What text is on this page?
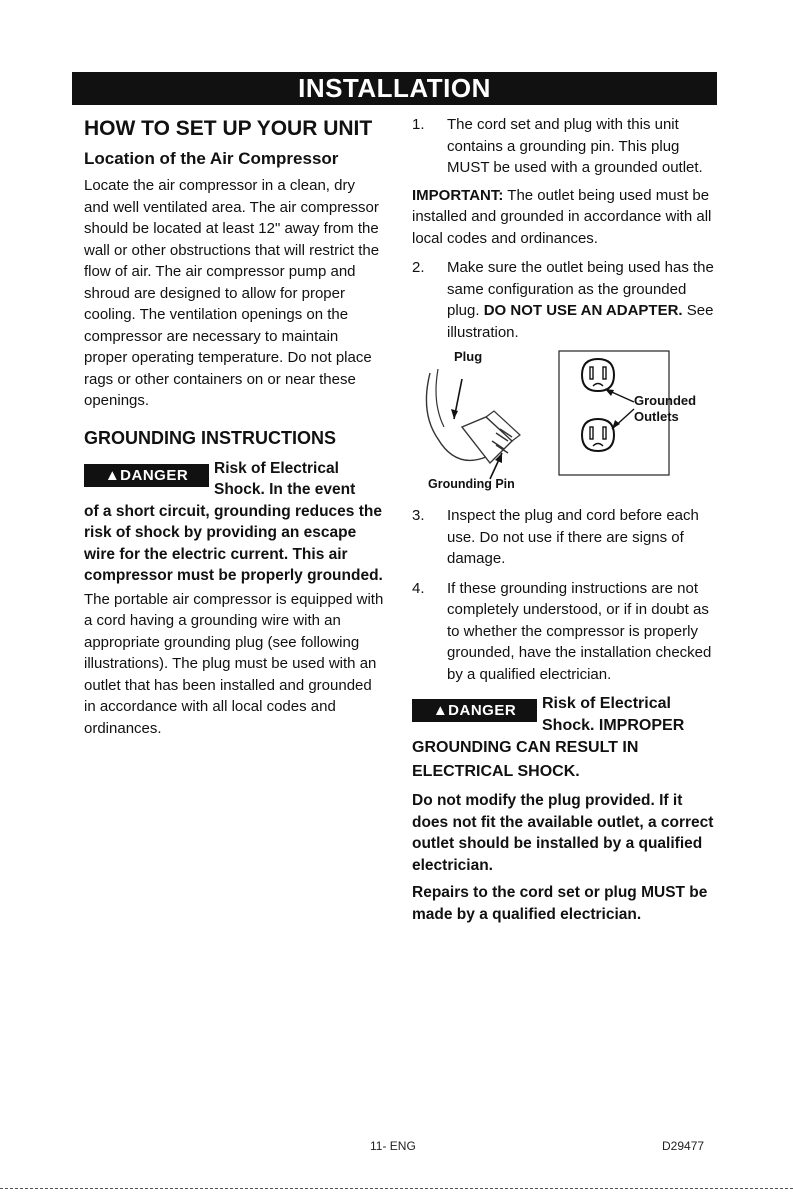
INSTALLATION
HOW TO SET UP YOUR UNIT
Location of the Air Compressor

Locate the air compressor in a clean, dry and well ventilated area. The air compressor should be located at least 12" away from the wall or other obstructions that will restrict the flow of air. The air compressor pump and shroud are designed to allow for proper cooling. The ventilation openings on the compressor are necessary to maintain proper operating temperature. Do not place rags or other containers on or near these openings.

GROUNDING INSTRUCTIONS
▲DANGER	Risk of Electrical Shock. In the event
of a short circuit, grounding reduces the risk of shock by providing an escape wire for the electric current. This air compressor must be properly grounded.

The portable air compressor is equipped with a cord having a grounding wire with an appropriate grounding plug (see following illustrations). The plug must be used with an outlet that has been installed and grounded in accordance with all local codes and ordinances.

1. The cord set and plug with this unit contains a grounding pin. This plug MUST be used with a grounded outlet.
IMPORTANT: The outlet being used must be installed and grounded in accordance with all local codes and ordinances.
2. Make sure the outlet being used has the same configuration as the grounded plug. DO NOT USE AN ADAPTER. See illustration.
Plug
Grounded
Outlets
Grounding Pin
3. Inspect the plug and cord before each use. Do not use if there are signs of damage.
4. If these grounding instructions are not completely understood, or if in doubt as to whether the compressor is properly grounded, have the installation checked by a qualified electrician.
▲DANGER	Risk of Electrical Shock. IMPROPER
GROUNDING CAN RESULT IN ELECTRICAL SHOCK.

Do not modify the plug provided. If it does not fit the available outlet, a correct outlet should be installed by a qualified electrician.

Repairs to the cord set or plug MUST be made by a qualified electrician.

11- ENG	D29477
